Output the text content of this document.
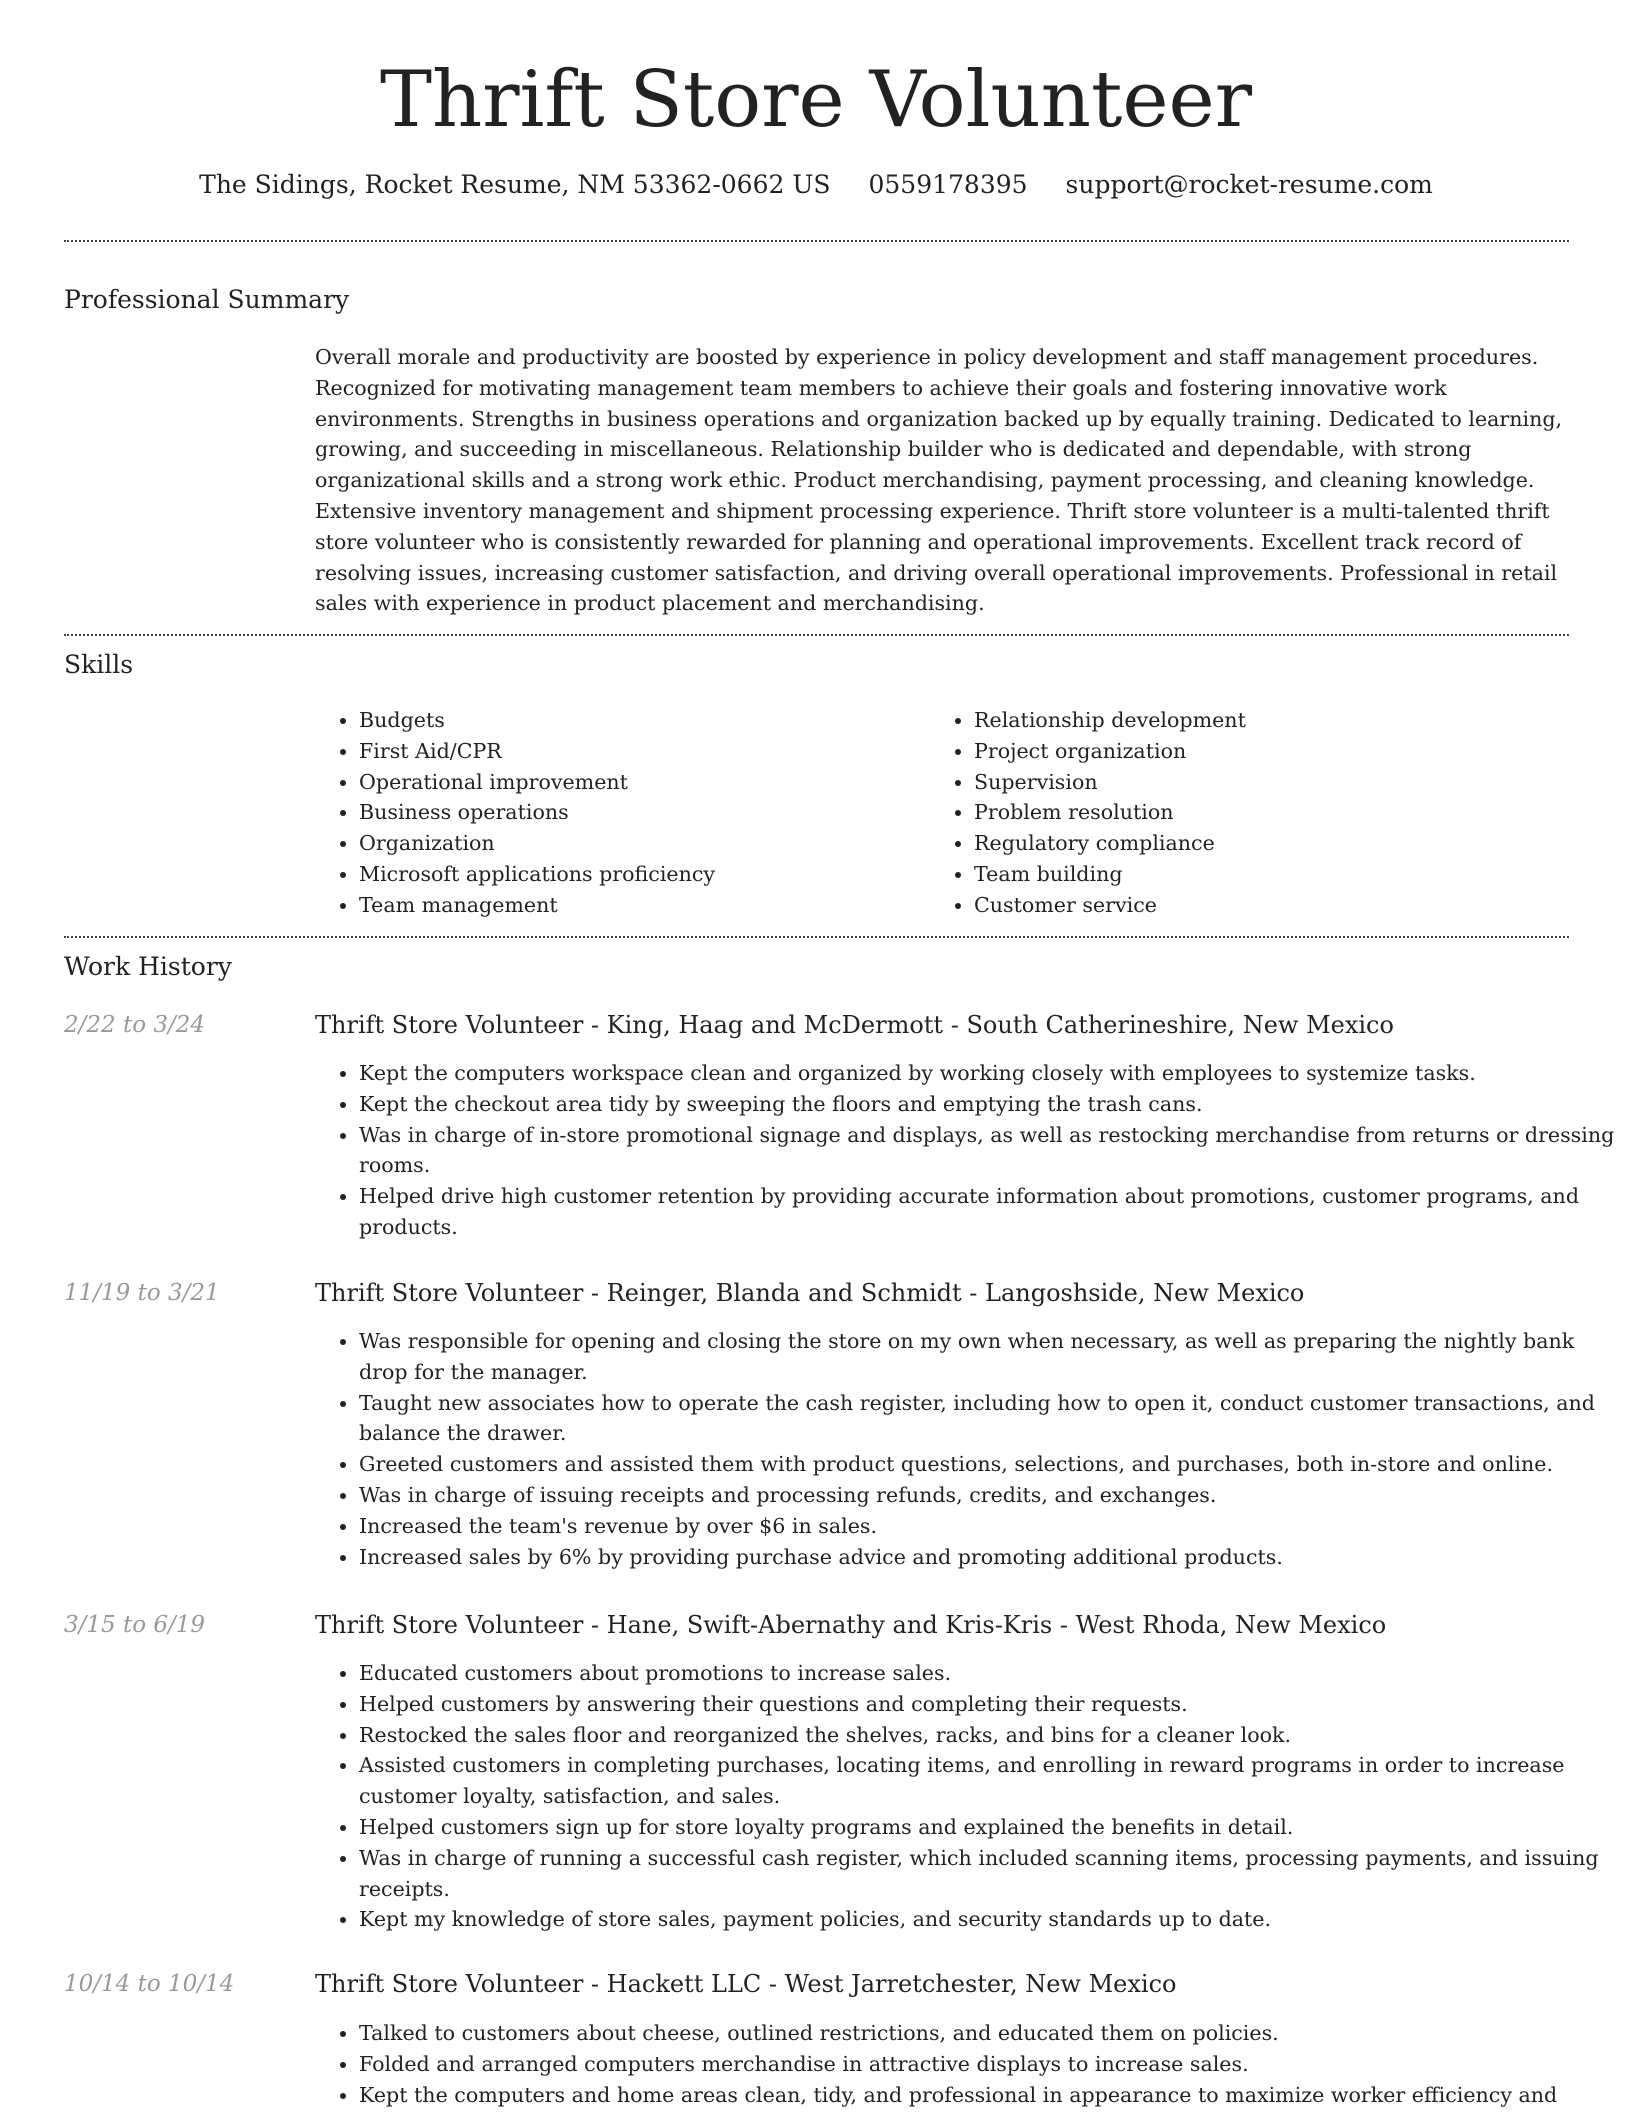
Thrift Store Volunteer
The Sidings, Rocket Resume, NM 53362-0662 US 0559178395 support@rocket-resume.com
Professional Summary

Overall morale and productivity are boosted by experience in policy development and staff management procedures. Recognized for motivating management team members to achieve their goals and fostering innovative work environments. Strengths in business operations and organization backed up by equally training. Dedicated to learning, growing, and succeeding in miscellaneous. Relationship builder who is dedicated and dependable, with strong organizational skills and a strong work ethic. Product merchandising, payment processing, and cleaning knowledge. Extensive inventory management and shipment processing experience. Thrift store volunteer is a multi-talented thrift store volunteer who is consistently rewarded for planning and operational improvements. Excellent track record of resolving issues, increasing customer satisfaction, and driving overall operational improvements. Professional in retail sales with experience in product placement and merchandising.

Skills
• Budgets
• First Aid/CPR
• Operational improvement
• Business operations
• Organization
• Microsoft applications proficiency
• Team management
• Relationship development
• Project organization
• Supervision
• Problem resolution
• Regulatory compliance
• Team building
• Customer service
Work History
2/22 to 3/24	Thrift Store Volunteer - King, Haag and McDermott - South Catherineshire, New Mexico
• Kept the computers workspace clean and organized by working closely with employees to systemize tasks.
• Kept the checkout area tidy by sweeping the floors and emptying the trash cans.
• Was in charge of in-store promotional signage and displays, as well as restocking merchandise from returns or dressing rooms.
• Helped drive high customer retention by providing accurate information about promotions, customer programs, and products.
11/19 to 3/21	Thrift Store Volunteer - Reinger, Blanda and Schmidt - Langoshside, New Mexico
• Was responsible for opening and closing the store on my own when necessary, as well as preparing the nightly bank drop for the manager.
• Taught new associates how to operate the cash register, including how to open it, conduct customer transactions, and balance the drawer.
• Greeted customers and assisted them with product questions, selections, and purchases, both in-store and online.
• Was in charge of issuing receipts and processing refunds, credits, and exchanges.
• Increased the team's revenue by over $6 in sales.
• Increased sales by 6% by providing purchase advice and promoting additional products.
3/15 to 6/19	Thrift Store Volunteer - Hane, Swift-Abernathy and Kris-Kris - West Rhoda, New Mexico
• Educated customers about promotions to increase sales.
• Helped customers by answering their questions and completing their requests.
• Restocked the sales floor and reorganized the shelves, racks, and bins for a cleaner look.
• Assisted customers in completing purchases, locating items, and enrolling in reward programs in order to increase customer loyalty, satisfaction, and sales.
• Helped customers sign up for store loyalty programs and explained the benefits in detail.
• Was in charge of running a successful cash register, which included scanning items, processing payments, and issuing receipts.
• Kept my knowledge of store sales, payment policies, and security standards up to date.
10/14 to 10/14	Thrift Store Volunteer - Hackett LLC - West Jarretchester, New Mexico
• Talked to customers about cheese, outlined restrictions, and educated them on policies.
• Folded and arranged computers merchandise in attractive displays to increase sales.
• Kept the computers and home areas clean, tidy, and professional in appearance to maximize worker efficiency and
